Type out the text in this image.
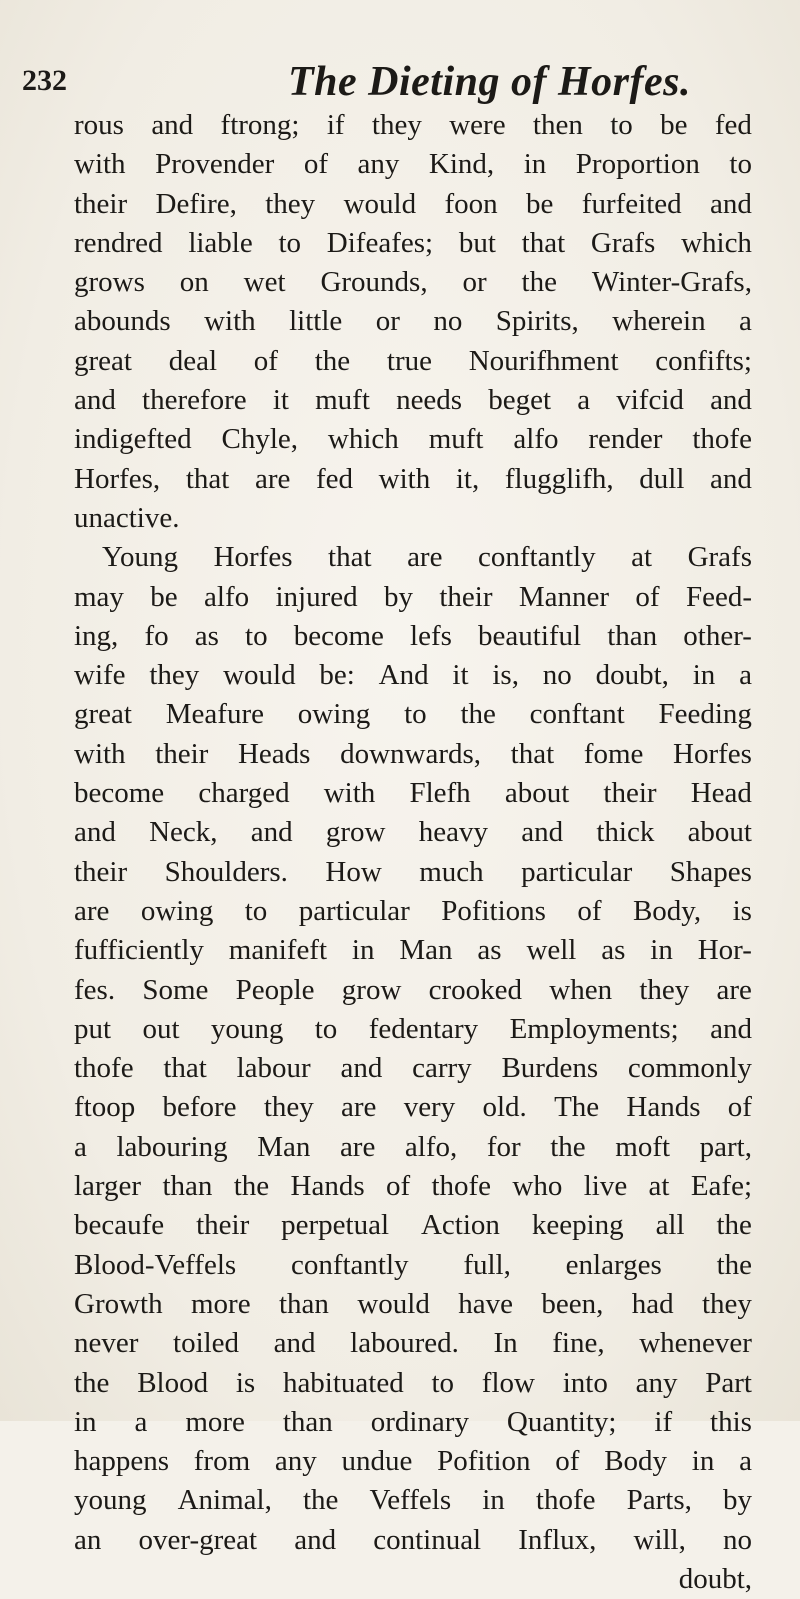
232	The Dieting of Horfes.
rous and ftrong; if they were then to be fed
with Provender of any Kind, in Proportion to
their Defire, they would foon be furfeited and
rendred liable to Difeafes; but that Grafs which
grows on wet Grounds, or the Winter-Grafs,
abounds with little or no Spirits, wherein a
great deal of the true Nourifhment confifts;
and therefore it muft needs beget a vifcid and
indigefted Chyle, which muft alfo render thofe
Horfes, that are fed with it, flugglifh, dull and
unactive.
Young Horfes that are conftantly at Grafs
may be alfo injured by their Manner of Feed-
ing, fo as to become lefs beautiful than other-
wife they would be: And it is, no doubt, in a
great Meafure owing to the conftant Feeding
with their Heads downwards, that fome Horfes
become charged with Flefh about their Head
and Neck, and grow heavy and thick about
their Shoulders. How much particular Shapes
are owing to particular Pofitions of Body, is
fufficiently manifeft in Man as well as in Hor-
fes. Some People grow crooked when they are
put out young to fedentary Employments; and
thofe that labour and carry Burdens commonly
ftoop before they are very old. The Hands of
a labouring Man are alfo, for the moft part,
larger than the Hands of thofe who live at Eafe;
becaufe their perpetual Action keeping all the
Blood-Veffels conftantly full, enlarges the
Growth more than would have been, had they
never toiled and laboured. In fine, whenever
the Blood is habituated to flow into any Part
in a more than ordinary Quantity; if this
happens from any undue Pofition of Body in a
young Animal, the Veffels in thofe Parts, by
an over-great and continual Influx, will, no
doubt,
